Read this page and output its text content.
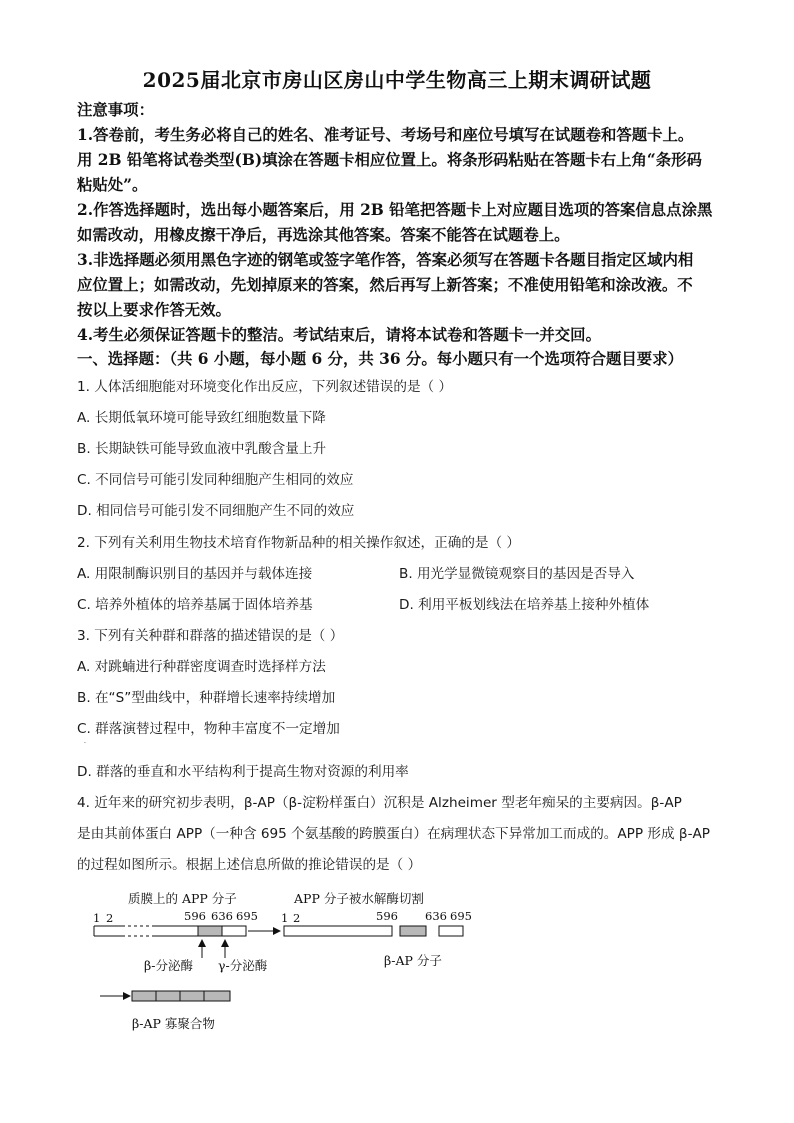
2025届北京市房山区房山中学生物高三上期末调研试题
注意事项：
1.答卷前，考生务必将自己的姓名、准考证号、考场号和座位号填写在试题卷和答题卡上。
用 2B 铅笔将试卷类型(B)填涂在答题卡相应位置上。将条形码粘贴在答题卡右上角“条形码
粘贴处”。
2.作答选择题时，选出每小题答案后，用 2B 铅笔把答题卡上对应题目选项的答案信息点涂黑
如需改动，用橡皮擦干净后，再选涂其他答案。答案不能答在试题卷上。
3.非选择题必须用黑色字迹的钢笔或签字笔作答，答案必须写在答题卡各题目指定区域内相
应位置上；如需改动，先划掉原来的答案，然后再写上新答案；不准使用铅笔和涂改液。不
按以上要求作答无效。
4.考生必须保证答题卡的整洁。考试结束后，请将本试卷和答题卡一并交回。
一、选择题：（共 6 小题，每小题 6 分，共 36 分。每小题只有一个选项符合题目要求）
1. 人体活细胞能对环境变化作出反应，下列叙述错误的是（ ）
A. 长期低氧环境可能导致红细胞数量下降
B. 长期缺铁可能导致血液中乳酸含量上升
C. 不同信号可能引发同种细胞产生相同的效应
D. 相同信号可能引发不同细胞产生不同的效应
2. 下列有关利用生物技术培育作物新品种的相关操作叙述，正确的是（ ）
A. 用限制酶识别目的基因并与载体连接	B. 用光学显微镜观察目的基因是否导入
C. 培养外植体的培养基属于固体培养基	D. 利用平板划线法在培养基上接种外植体
3. 下列有关种群和群落的描述错误的是（ ）
A. 对跳蝻进行种群密度调查时选择样方法
B. 在“S”型曲线中，种群增长速率持续增加
C. 群落演替过程中，物种丰富度不一定增加
·
D. 群落的垂直和水平结构利于提高生物对资源的利用率
4. 近年来的研究初步表明，β-AP（β-淀粉样蛋白）沉积是 Alzheimer 型老年痴呆的主要病因。β-AP
是由其前体蛋白 APP（一种含 695 个氨基酸的跨膜蛋白）在病理状态下异常加工而成的。APP 形成 β-AP
的过程如图所示。根据上述信息所做的推论错误的是（ ）
质膜上的 APP 分子	APP 分子被水解酶切割
1 2	596 636 695
β-分泌酶 γ-分泌酶
1 2	596 636 695
β-AP 分子
β-AP 寡聚合物
